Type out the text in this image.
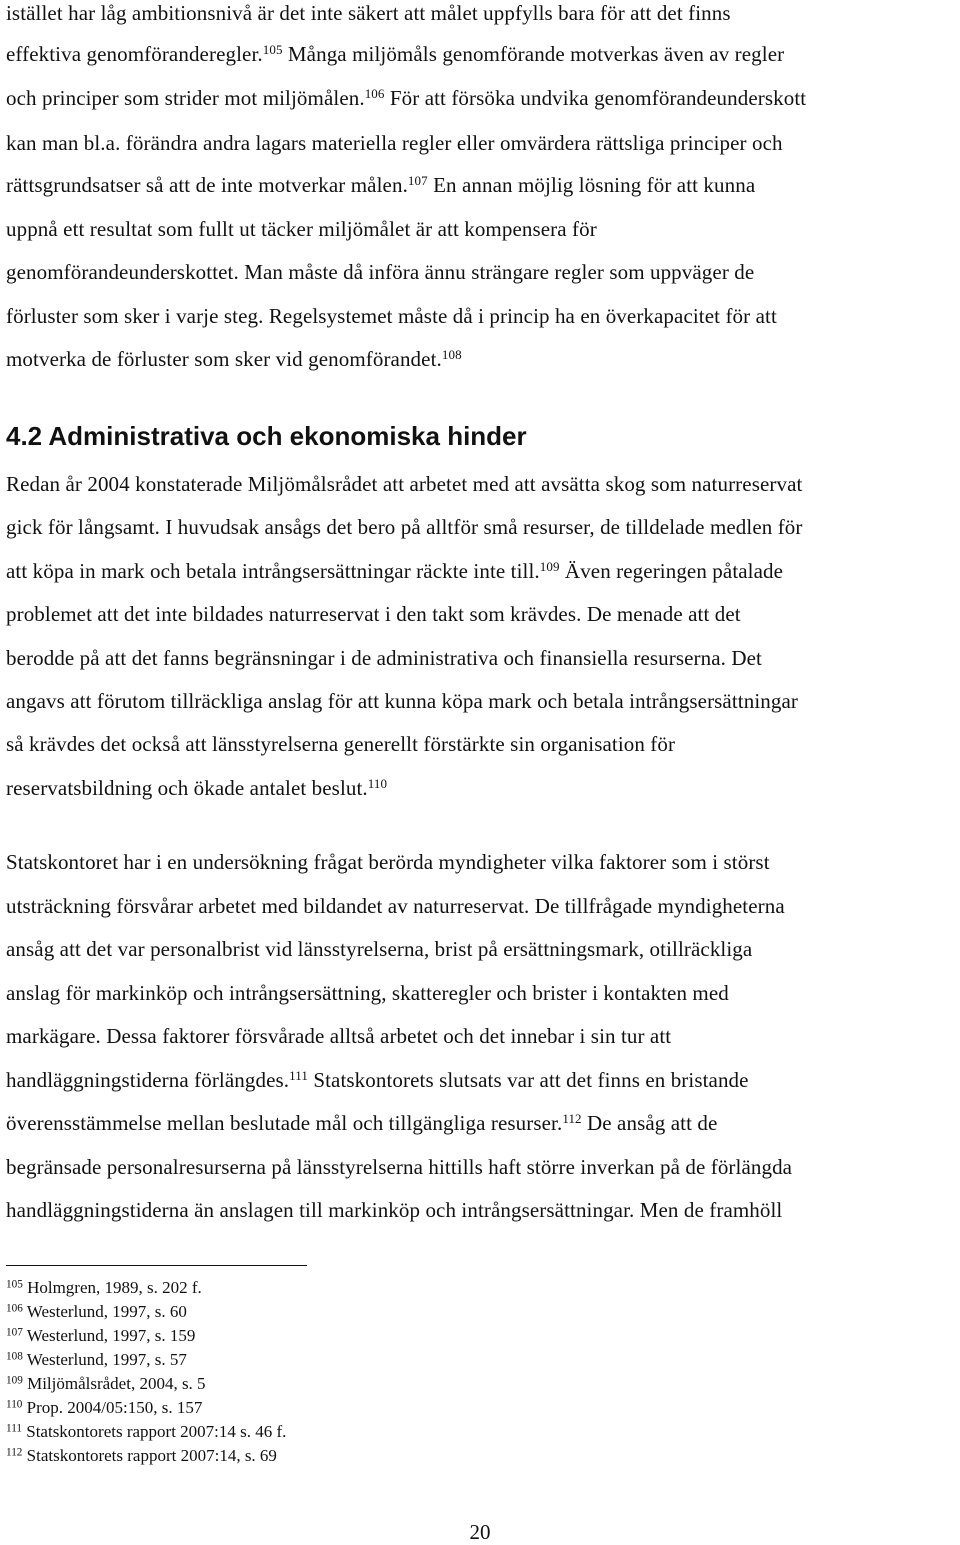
istället har låg ambitionsnivå är det inte säkert att målet uppfylls bara för att det finns
effektiva genomföranderegler.$^{105}$ Många miljömåls genomförande motverkas även av regler
och principer som strider mot miljömålen.$^{106}$ För att försöka undvika genomförandeunderskott
kan man bl.a. förändra andra lagars materiella regler eller omvärdera rättsliga principer och
rättsgrundsatser så att de inte motverkar målen.$^{107}$ En annan möjlig lösning för att kunna
uppnå ett resultat som fullt ut täcker miljömålet är att kompensera för
genomförandeunderskottet. Man måste då införa ännu strängare regler som uppväger de
förluster som sker i varje steg. Regelsystemet måste då i princip ha en överkapacitet för att
motverka de förluster som sker vid genomförandet.$^{108}$
4.2 Administrativa och ekonomiska hinder
Redan år 2004 konstaterade Miljömålsrådet att arbetet med att avsätta skog som naturreservat
gick för långsamt. I huvudsak ansågs det bero på alltför små resurser, de tilldelade medlen för
att köpa in mark och betala intrångsersättningar räckte inte till.$^{109}$ Även regeringen påtalade
problemet att det inte bildades naturreservat i den takt som krävdes. De menade att det
berodde på att det fanns begränsningar i de administrativa och finansiella resurserna. Det
angavs att förutom tillräckliga anslag för att kunna köpa mark och betala intrångsersättningar
så krävdes det också att länsstyrelserna generellt förstärkte sin organisation för
reservatsbildning och ökade antalet beslut.$^{110}$
Statskontoret har i en undersökning frågat berörda myndigheter vilka faktorer som i störst
utsträckning försvårar arbetet med bildandet av naturreservat. De tillfrågade myndigheterna
ansåg att det var personalbrist vid länsstyrelserna, brist på ersättningsmark, otillräckliga
anslag för markinköp och intrångsersättning, skatteregler och brister i kontakten med
markägare. Dessa faktorer försvårade alltså arbetet och det innebar i sin tur att
handläggningstiderna förlängdes.$^{111}$ Statskontorets slutsats var att det finns en bristande
överensstämmelse mellan beslutade mål och tillgängliga resurser.$^{112}$ De ansåg att de
begränsade personalresurserna på länsstyrelserna hittills haft större inverkan på de förlängda
handläggningstiderna än anslagen till markinköp och intrångsersättningar. Men de framhöll
$^{105}$ Holmgren, 1989, s. 202 f.
$^{106}$ Westerlund, 1997, s. 60
$^{107}$ Westerlund, 1997, s. 159
$^{108}$ Westerlund, 1997, s. 57
$^{109}$ Miljömålsrådet, 2004, s. 5
$^{110}$ Prop. 2004/05:150, s. 157
$^{111}$ Statskontorets rapport 2007:14 s. 46 f.
$^{112}$ Statskontorets rapport 2007:14, s. 69
20
